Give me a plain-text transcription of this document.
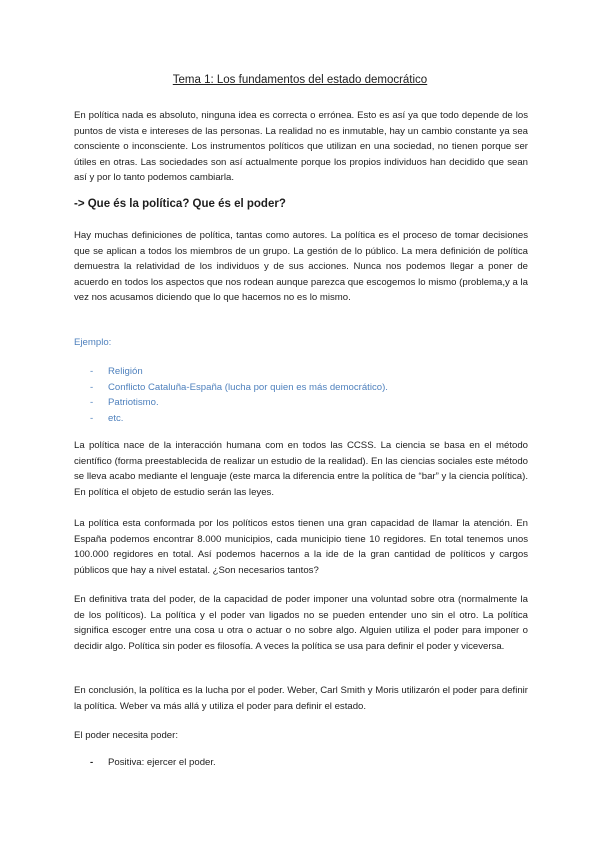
Tema 1: Los fundamentos del estado democrático

En política nada es absoluto, ninguna idea es correcta o errónea. Esto es así ya que todo depende de los puntos de vista e intereses de las personas. La realidad no es inmutable, hay un cambio constante ya sea consciente o inconsciente. Los instrumentos políticos que utilizan en una sociedad, no tienen porque ser útiles en otras. Las sociedades son así actualmente porque los propios individuos han decidido que sean así y por lo tanto podemos cambiarla.

-> Que és la política? Que és el poder?

Hay muchas definiciones de política, tantas como autores. La política es el proceso de tomar decisiones que se aplican a todos los miembros de un grupo. La gestión de lo público. La mera definición de política demuestra la relatividad de los individuos y de sus acciones. Nunca nos podemos llegar a poner de acuerdo en todos los aspectos que nos rodean aunque parezca que escogemos lo mismo (problema,y a la vez nos acusamos diciendo que lo que hacemos no es lo mismo.

Ejemplo:

- Religión
- Conflicto Cataluña-España (lucha por quien es más democrático).
- Patriotismo.
- etc.

La política nace de la interacción humana com en todos las CCSS. La ciencia se basa en el método científico (forma preestablecida de realizar un estudio de la realidad). En las ciencias sociales este método se lleva acabo mediante el lenguaje (este marca la diferencia entre la política de “bar” y la ciencia política). En política el objeto de estudio serán las leyes.

La política esta conformada por los políticos estos tienen una gran capacidad de llamar la atención. En España podemos encontrar 8.000 municipios, cada municipio tiene 10 regidores. En total tenemos unos 100.000 regidores en total. Así podemos hacernos a la ide de la gran cantidad de políticos y cargos públicos que hay a nivel estatal. ¿Son necesarios tantos?

En definitiva trata del poder, de la capacidad de poder imponer una voluntad sobre otra (normalmente la de los políticos). La política y el poder van ligados no se pueden entender uno sin el otro. La política significa escoger entre una cosa u otra o actuar o no sobre algo. Alguien utiliza el poder para imponer o decidir algo. Política sin poder es filosofía. A veces la política se usa para definir el poder y viceversa.

En conclusión, la política es la lucha por el poder. Weber, Carl Smith y Moris utilizarón el poder para definir la política. Weber va más allá y utiliza el poder para definir el estado.

El poder necesita poder:

- Positiva: ejercer el poder.
